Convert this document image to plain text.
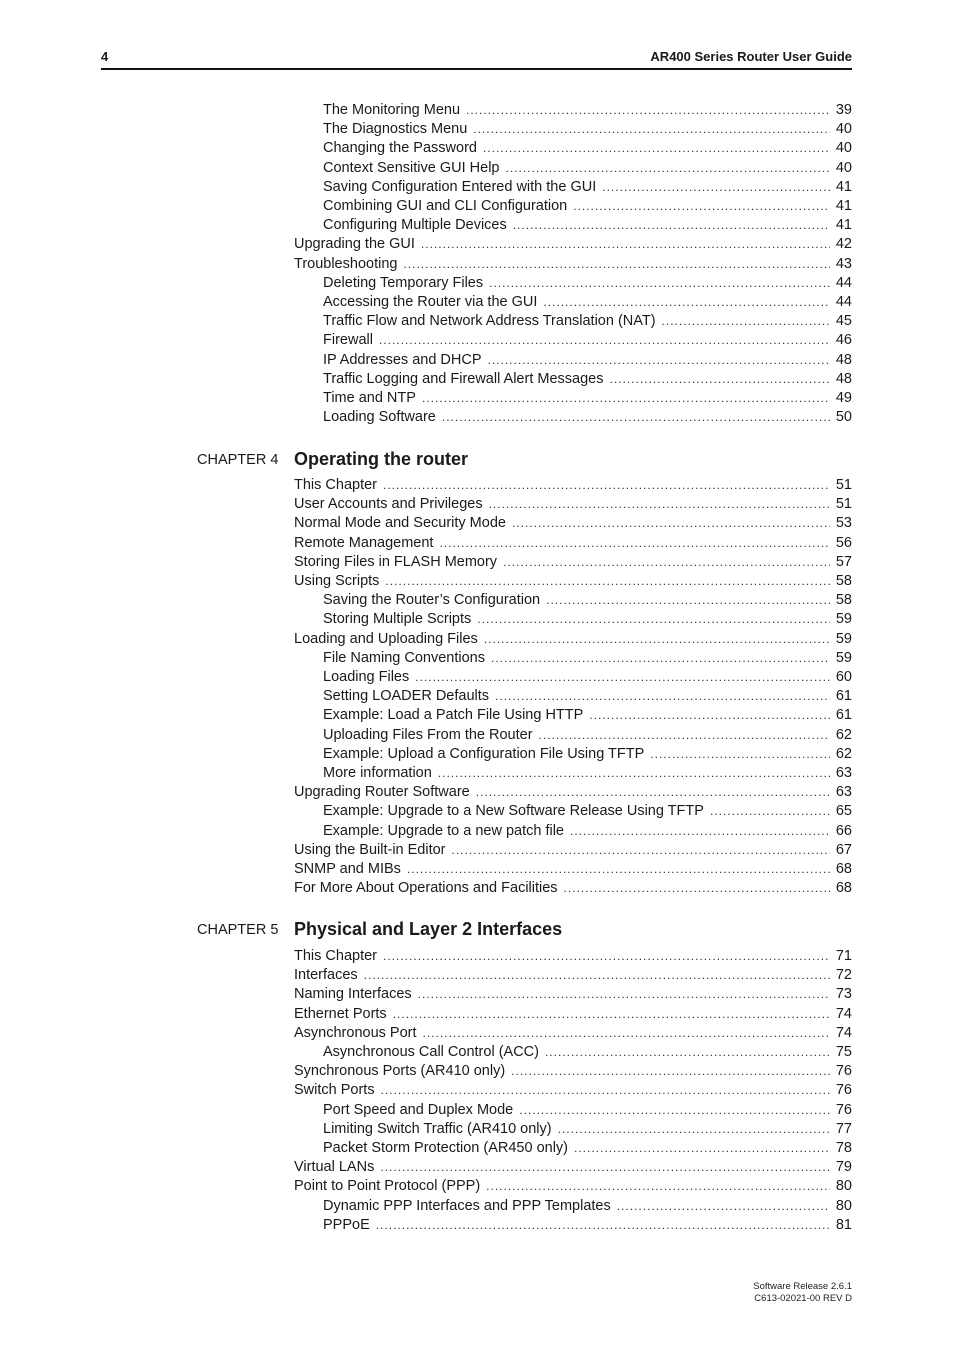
4	AR400 Series Router User Guide
CHAPTER 4 Operating the router
CHAPTER 5 Physical and Layer 2 Interfaces
The Monitoring Menu .....	39
The Diagnostics Menu .....	40
Changing the Password .....	40
Context Sensitive GUI Help .....	40
Saving Configuration Entered with the GUI .....	41
Combining GUI and CLI Configuration .....	41
Configuring Multiple Devices .....	41
Upgrading the GUI .....	42
Troubleshooting .....	43
Deleting Temporary Files .....	44
Accessing the Router via the GUI .....	44
Traffic Flow and Network Address Translation (NAT) .....	45
Firewall .....	46
IP Addresses and DHCP .....	48
Traffic Logging and Firewall Alert Messages .....	48
Time and NTP .....	49
Loading Software .....	50
This Chapter .....	51
User Accounts and Privileges .....	51
Normal Mode and Security Mode .....	53
Remote Management .....	56
Storing Files in FLASH Memory .....	57
Using Scripts .....	58
Saving the Router’s Configuration .....	58
Storing Multiple Scripts .....	59
Loading and Uploading Files .....	59
File Naming Conventions .....	59
Loading Files .....	60
Setting LOADER Defaults .....	61
Example: Load a Patch File Using HTTP .....	61
Uploading Files From the Router .....	62
Example: Upload a Configuration File Using TFTP .....	62
More information .....	63
Upgrading Router Software .....	63
Example: Upgrade to a New Software Release Using TFTP .....	65
Example: Upgrade to a new patch file .....	66
Using the Built-in Editor .....	67
SNMP and MIBs .....	68
For More About Operations and Facilities .....	68
This Chapter .....	71
Interfaces .....	72
Naming Interfaces .....	73
Ethernet Ports .....	74
Asynchronous Port .....	74
Asynchronous Call Control (ACC) .....	75
Synchronous Ports (AR410 only) .....	76
Switch Ports .....	76
Port Speed and Duplex Mode .....	76
Limiting Switch Traffic (AR410 only) .....	77
Packet Storm Protection (AR450 only) .....	78
Virtual LANs .....	79
Point to Point Protocol (PPP) .....	80
Dynamic PPP Interfaces and PPP Templates .....	80
PPPoE .....	81
Software Release 2.6.1
C613-02021-00 REV D
